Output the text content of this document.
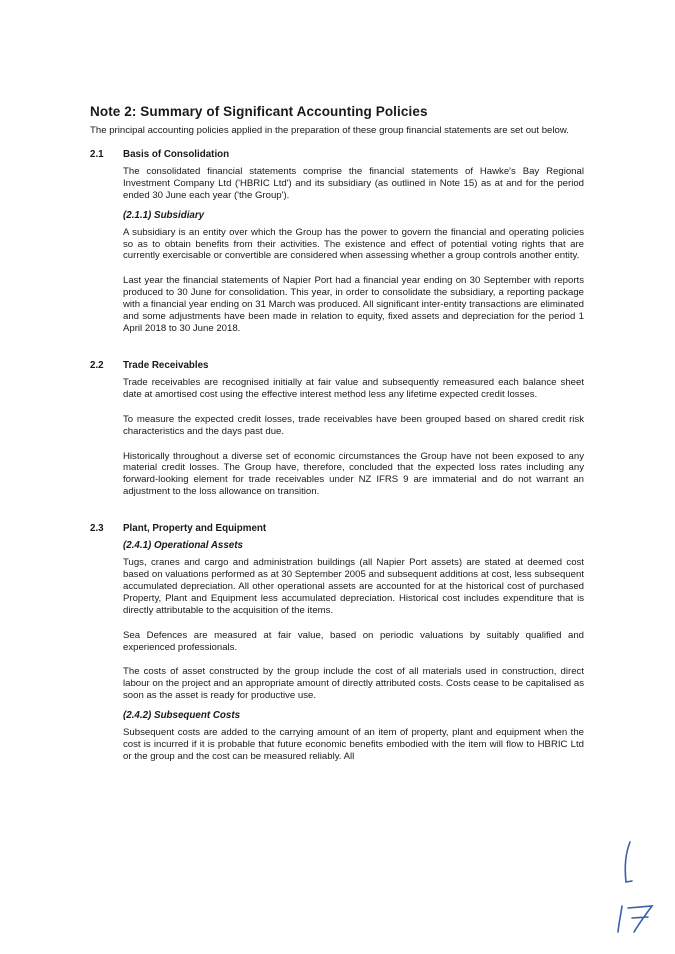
Note 2: Summary of Significant Accounting Policies

The principal accounting policies applied in the preparation of these group financial statements are set out below.

2.1	Basis of Consolidation

The consolidated financial statements comprise the financial statements of Hawke's Bay Regional Investment Company Ltd ('HBRIC Ltd') and its subsidiary (as outlined in Note 15) as at and for the period ended 30 June each year ('the Group').

(2.1.1) Subsidiary

A subsidiary is an entity over which the Group has the power to govern the financial and operating policies so as to obtain benefits from their activities. The existence and effect of potential voting rights that are currently exercisable or convertible are considered when assessing whether a group controls another entity.

Last year the financial statements of Napier Port had a financial year ending on 30 September with reports produced to 30 June for consolidation. This year, in order to consolidate the subsidiary, a reporting package with a financial year ending on 31 March was produced. All significant inter-entity transactions are eliminated and some adjustments have been made in relation to equity, fixed assets and depreciation for the period 1 April 2018 to 30 June 2018.

2.2	Trade Receivables

Trade receivables are recognised initially at fair value and subsequently remeasured each balance sheet date at amortised cost using the effective interest method less any lifetime expected credit losses.

To measure the expected credit losses, trade receivables have been grouped based on shared credit risk characteristics and the days past due.

Historically throughout a diverse set of economic circumstances the Group have not been exposed to any material credit losses. The Group have, therefore, concluded that the expected loss rates including any forward-looking element for trade receivables under NZ IFRS 9 are immaterial and do not warrant an adjustment to the loss allowance on transition.

2.3	Plant, Property and Equipment
(2.4.1) Operational Assets

Tugs, cranes and cargo and administration buildings (all Napier Port assets) are stated at deemed cost based on valuations performed as at 30 September 2005 and subsequent additions at cost, less subsequent accumulated depreciation. All other operational assets are accounted for at the historical cost of purchased Property, Plant and Equipment less accumulated depreciation. Historical cost includes expenditure that is directly attributable to the acquisition of the items.

Sea Defences are measured at fair value, based on periodic valuations by suitably qualified and experienced professionals.

The costs of asset constructed by the group include the cost of all materials used in construction, direct labour on the project and an appropriate amount of directly attributed costs. Costs cease to be capitalised as soon as the asset is ready for productive use.

(2.4.2) Subsequent Costs

Subsequent costs are added to the carrying amount of an item of property, plant and equipment when the cost is incurred if it is probable that future economic benefits embodied with the item will flow to HBRIC Ltd or the group and the cost can be measured reliably. All
